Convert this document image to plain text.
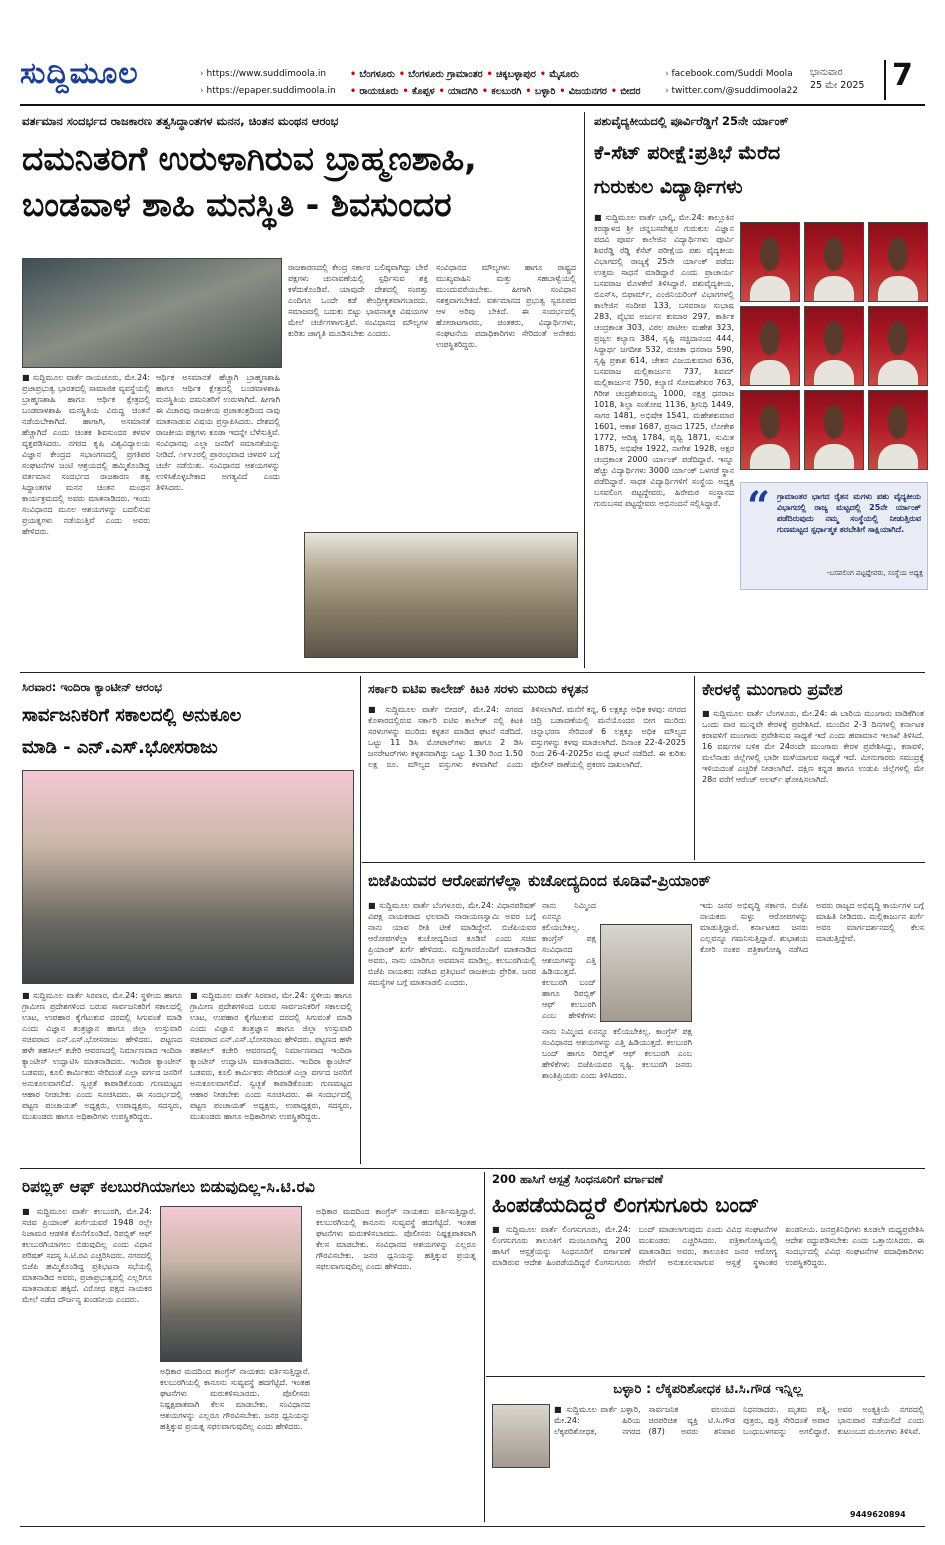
ಸುದ್ದಿಮೂಲ	› https://www.suddimoola.in
› https://epaper.suddimoola.in
• ಬೆಂಗಳೂರು • ಬೆಂಗಳೂರು ಗ್ರಾಮಾಂತರ • ಚಿಕ್ಕಬಳ್ಳಾಪುರ • ಮೈಸೂರು
• ರಾಯಚೂರು • ಕೊಪ್ಪಳ • ಯಾದಗಿರಿ • ಕಲಬುರಗಿ • ಬಳ್ಳಾರಿ • ವಿಜಯನಗರ • ಬೀದರ
› facebook.com/Suddi Moola
› twitter.com/@suddimoola22
ಭಾನುವಾರ
25 ಮೇ 2025 7
ವರ್ತಮಾನ ಸಂದರ್ಭದ ರಾಜಕಾರಣ ತತ್ವಸಿದ್ಧಾಂತಗಳ ಮನನ, ಚಿಂತನ ಮಂಥನ ಆರಂಭ
ದಮನಿತರಿಗೆ ಉರುಳಾಗಿರುವ ಬ್ರಾಹ್ಮಣಶಾಹಿ,
ಬಂಡವಾಳ ಶಾಹಿ ಮನಸ್ಥಿತಿ - ಶಿವಸುಂದರ
■ ಸುದ್ದಿಮೂಲ ವಾರ್ತೆ ರಾಯಚೂರು, ಮೇ.24: ಪ್ರಜಾಪ್ರಭುತ್ವ ಭಾರತದಲ್ಲಿ ಸಾಮಾಜಿಕ ವ್ಯವಸ್ಥೆಯಲ್ಲಿ ಬ್ರಾಹ್ಮಣಶಾಹಿ ಹಾಗೂ ಆರ್ಥಿಕ ಕ್ಷೇತ್ರದಲ್ಲಿ ಬಂಡವಾಳಶಾಹಿ ಮನಸ್ಥಿತಿಯ ವಿರುದ್ಧ ಚಿಂತನೆ ನಡೆಯಬೇಕಾಗಿದೆ. ಹಾಗಾಗಿ, ಅಸಮಾನತೆ ಹೆಚ್ಚಾಗಿದೆ ಎಂದು ಚಿಂತಕ ಶಿವಸುಂದರ ಕಳವಳ ವ್ಯಕ್ತಪಡಿಸಿದರು. ನಗರದ ಕೃಷಿ ವಿಶ್ವವಿದ್ಯಾಲಯ ವಿಜ್ಞಾನ ಕೇಂದ್ರದ ಸಭಾಂಗಣದಲ್ಲಿ ಪ್ರಗತಿಪರ ಸಂಘಟನೆಗಳ ಜಂಟಿ ಆಶ್ರಯದಲ್ಲಿ ಹಮ್ಮಿಕೊಂಡಿದ್ದ ವರ್ತಮಾನ ಸಂದರ್ಭದ ರಾಜಕಾರಣ ತತ್ವ ಸಿದ್ಧಾಂತಗಳ ಮನನ ಚಿಂತನ ಮಂಥನ ಕಾರ್ಯಕ್ರಮದಲ್ಲಿ ಅವರು ಮಾತನಾಡಿದರು. ಇಂದು ಸಂವಿಧಾನದ ಮೂಲ ಆಶಯಗಳನ್ನು ಬದಲಿಸುವ ಪ್ರಯತ್ನಗಳು ನಡೆಯುತ್ತಿವೆ ಎಂದು ಅವರು ಹೇಳಿದರು.
ಆರ್ಥಿಕ ಅಸಮಾನತೆ ಹೆಚ್ಚಾಗಿ ಬ್ರಾಹ್ಮಣಶಾಹಿ ಹಾಗೂ ಆರ್ಥಿಕ ಕ್ಷೇತ್ರದಲ್ಲಿ ಬಂಡವಾಳಶಾಹಿ ಮನಸ್ಥಿತಿಯ ದಮನಿತರಿಗೆ ಉರುಳಾಗಿದೆ. ಹೀಗಾಗಿ ಈ ವಿಚಾರವು ರಾಜಕೀಯ ಪ್ರಜಾತಂತ್ರದಿಂದ ನಾವು ಮಾತನಾಡುವ ವಿಷಯ ಪ್ರಸ್ತಾಪಿಸಿದರು. ದೇಶದಲ್ಲಿ ರಾಜಕೀಯ ಪಕ್ಷಗಳು ಕೂಡಾ ಇದನ್ನೇ ಬೆಳೆಸುತ್ತಿವೆ. ಸಂವಿಧಾನವು ಎಲ್ಲಾ ಜನರಿಗೆ ಸಮಾನತೆಯನ್ನು ನೀಡಿದೆ. ೧೯೪೨ರಲ್ಲಿ ಪ್ರಾರಂಭವಾದ ಚಳವಳಿ ಬಗ್ಗೆ ಚರ್ಚೆ ನಡೆಯಿತು. ಸಂವಿಧಾನದ ಆಶಯಗಳನ್ನು ಉಳಿಸಿಕೊಳ್ಳಬೇಕಾದ ಅಗತ್ಯವಿದೆ ಎಂದು ತಿಳಿಸಿದರು.
ರಾಜಕಾರಣದಲ್ಲಿ ಕೇಂದ್ರ ಸರ್ಕಾರ ಬಲಿಷ್ಠವಾಗಿದ್ದು ಬೇರೆ ಪಕ್ಷಗಳು ಚುನಾವಣೆಯಲ್ಲಿ ಸ್ಪರ್ಧಿಸುವ ಶಕ್ತಿ ಕಳೆದುಕೊಂಡಿವೆ. ಯಾವುದೇ ದೇಶದಲ್ಲಿ ಸಂಪತ್ತು ಎಂದಿಗೂ ಒಂದೇ ಕಡೆ ಕೇಂದ್ರೀಕೃತವಾಗಬಾರದು. ಸಮಾಜದಲ್ಲಿ ಬದುಕು ಬಿಟ್ಟು ಭಾವನಾತ್ಮಕ ವಿಷಯಗಳ ಮೇಲೆ ಚರ್ಚೆಗಳಾಗುತ್ತಿವೆ. ಸಂವಿಧಾನದ ಮೌಲ್ಯಗಳ ಕುರಿತು ಜಾಗೃತಿ ಮೂಡಿಸಬೇಕು ಎಂದರು.
ಸಂವಿಧಾನದ ಮೌಲ್ಯಗಳು ಹಾಗೂ ರಾಷ್ಟ್ರದ ಮುಖ್ಯವಾಹಿನಿ ಮತ್ತು ಸಹಬಾಳ್ವೆಯಲ್ಲಿ ಮುಂದುವರೆಯಬೇಕು. ಹೀಗಾಗಿ ಸಂವಿಧಾನ ಸಶಕ್ತವಾಗಬೇಕಿದೆ. ವರ್ತಮಾನದ ಪ್ರಭುತ್ವ ಸ್ವರೂಪದ ಆಳ ಅರಿವು ಬೇಕಿದೆ. ಈ ಸಂದರ್ಭದಲ್ಲಿ ಹೋರಾಟಗಾರರು, ಚಿಂತಕರು, ವಿದ್ಯಾರ್ಥಿಗಳು, ಸಂಘಟನೆಯ ಪದಾಧಿಕಾರಿಗಳು ಸೇರಿದಂತೆ ಅನೇಕರು ಉಪಸ್ಥಿತರಿದ್ದರು.
ಪಶುವೈದ್ಯಕೀಯದಲ್ಲಿ ಪೂರ್ವಿರೆಡ್ಡಿಗೆ 25ನೇ ರ್ಯಾಂಕ್
ಕೆ-ಸೆಟ್ ಪರೀಕ್ಷೆ:ಪ್ರತಿಭೆ ಮೆರೆದ
ಗುರುಕುಲ ವಿದ್ಯಾರ್ಥಿಗಳು
■ ಸುದ್ದಿಮೂಲ ವಾರ್ತೆ ಭಾಲ್ಕಿ, ಮೇ.24: ತಾಲ್ಲೂಕಿನ ಕರಡ್ಯಾಳದ ಶ್ರೀ ಚನ್ನಬಸವೇಶ್ವರ ಗುರುಕುಲ ವಿಜ್ಞಾನ ಪದವಿ ಪೂರ್ವ ಕಾಲೇಜಿನ ವಿದ್ಯಾರ್ಥಿಗಳು ಪೂರ್ವಿ ಶಿವರೆಡ್ಡಿ ರೆಡ್ಡಿ ಕೆಸೆಟ್ ಪರೀಕ್ಷೆಯ ಪಶು ವೈದ್ಯಕೀಯ ವಿಭಾಗದಲ್ಲಿ ರಾಜ್ಯಕ್ಕೆ 25ನೇ ರ್ಯಾಂಕ್ ಪಡೆದು ಉತ್ತಮ ಸಾಧನೆ ಮಾಡಿದ್ದಾರೆ ಎಂದು ಪ್ರಾಚಾರ್ಯ ಬಸವರಾಜ ಮೊಳಕೇರೆ ತಿಳಿಸಿದ್ದಾರೆ. ಪಶುವೈದ್ಯಕೀಯ, ಬಿಎಸ್‌ಸಿ, ಬಿಫಾರ್ಮ್, ಎಂಜಿನಿಯರಿಂಗ್ ವಿಭಾಗಗಳಲ್ಲಿ ಕಾಲೇಜಿನ ಸಂದೀಪ 133, ಬಸವರಾಜ ಸುಭಾಷ 283, ವೈಭವ ಅರ್ಜುನ ಕುಮಾರ 297, ಕಾರ್ತಿಕ ಚಂದ್ರಕಾಂತ 303, ವಿಠಲ ಪಾಟೀಲ ಮಹೇಶ 323, ಪ್ರಜ್ವಲ ಕಲ್ಯಾಣ 384, ಸೃಷ್ಟಿ ಸಚ್ಚಿದಾನಂದ 444, ಸಿದ್ಧಾರ್ಥ ಜಗದೀಶ 532, ರುಚಿತಾ ಧನರಾಜ 590, ಸೃಷ್ಟಿ ಪ್ರಕಾಶ 614, ಚೇತನ ವಿಜಯಕುಮಾರ 636, ಬಸವರಾಜ ಮಲ್ಲಿಕಾರ್ಜುನ 737, ಶಿವಮ್ ಮಲ್ಲಿಕಾರ್ಜುನ 750, ಕಲ್ಯಾಣಿ ಸೋಮಶೇಖರ 763, ಗಿರೀಶ ಚಂದ್ರಶೇಖರಯ್ಯ 1000, ನಕ್ಷತ್ರ ಧನರಾಜ 1018, ಶಿಲ್ಪಾ ಸಂತೋಷ 1136, ಶ್ರೀನಿಧಿ 1449, ಸಾಗರ 1481, ಅಭಿಷೇಕ 1541, ಮಹೇಶಕುಮಾರ 1601, ಆಕಾಶ 1687, ಪ್ರಸಾದ 1725, ಲೋಕೇಶ 1772, ಆದಿತ್ಯ 1784, ಪೃಥ್ವಿ 1871, ಸುಮಿತ 1875, ಅಭಿಷೇಕ 1922, ನಾಗೇಶ 1928, ಅಕ್ಷರ ಚಂದ್ರಕಾಂತ 2000 ರ್ಯಾಂಕ್ ಪಡೆದಿದ್ದಾರೆ. ಇನ್ನೂ ಹೆಚ್ಚು ವಿದ್ಯಾರ್ಥಿಗಳು 3000 ರ್ಯಾಂಕ್ ಒಳಗಡೆ ಸ್ಥಾನ ಪಡೆದಿದ್ದಾರೆ. ಸಾಧಕ ವಿದ್ಯಾರ್ಥಿಗಳಿಗೆ ಸಂಸ್ಥೆಯ ಅಧ್ಯಕ್ಷ ಬಸವಲಿಂಗ ಪಟ್ಟದ್ದೇವರು, ಹಿರೇಮಠ ಸಂಸ್ಥಾನದ ಗುರುಬಸವ ಪಟ್ಟದ್ದೇವರು ಅಭಿನಂದನೆ ಸಲ್ಲಿಸಿದ್ದಾರೆ. “ ಗ್ರಾಮಾಂತರ ಭಾಗದ ರೈತನ ಮಗಳು ಪಶು ವೈದ್ಯಕೀಯ ವಿಭಾಗದಲ್ಲಿ ರಾಜ್ಯ ಮಟ್ಟದಲ್ಲಿ 25ನೇ ರ್ಯಾಂಕ್ ಪಡೆದಿರುವುದು ನಮ್ಮ ಸಂಸ್ಥೆಯಲ್ಲಿ ನೀಡುತ್ತಿರುವ ಗುಣಮಟ್ಟದ ಸ್ಪರ್ಧಾತ್ಮಕ ತರಬೇತಿಗೆ ಸಾಕ್ಷಿಯಾಗಿದೆ.
-ಬಸವಲಿಂಗ ಪಟ್ಟದ್ದೇವರು, ಸಂಸ್ಥೆಯ ಅಧ್ಯಕ್ಷ
ಸಿರವಾರ: ಇಂದಿರಾ ಕ್ಯಾಂಟೀನ್ ಆರಂಭ
ಸಾರ್ವಜನಿಕರಿಗೆ ಸಕಾಲದಲ್ಲಿ ಅನುಕೂಲ
ಮಾಡಿ - ಎನ್.ಎಸ್.ಭೋಸರಾಜು
■ ಸುದ್ದಿಮೂಲ ವಾರ್ತೆ ಸಿರವಾರ, ಮೇ.24: ಸ್ಥಳೀಯ ಹಾಗೂ ಗ್ರಾಮೀಣ ಪ್ರದೇಶಗಳಿಂದ ಬರುವ ಸಾರ್ವಜನಿಕರಿಗೆ ಸಕಾಲದಲ್ಲಿ ಊಟ, ಉಪಹಾರ ಕೈಗೆಟುಕುವ ದರದಲ್ಲಿ ಸಿಗುವಂತೆ ಮಾಡಿ ಎಂದು ವಿಜ್ಞಾನ ತಂತ್ರಜ್ಞಾನ ಹಾಗೂ ಜಿಲ್ಲಾ ಉಸ್ತುವಾರಿ ಸಚಿವರಾದ ಎನ್.ಎಸ್.ಭೋಸರಾಜು ಹೇಳಿದರು. ಪಟ್ಟಣದ ಹಳೇ ತಹಸೀಲ್ ಕಚೇರಿ ಆವರಣದಲ್ಲಿ ನಿರ್ಮಾಣವಾದ ಇಂದಿರಾ ಕ್ಯಾಂಟೀನ್ ಉದ್ಘಾಟಿಸಿ ಮಾತನಾಡಿದರು. ಇಂದಿರಾ ಕ್ಯಾಂಟೀನ್ ಬಡವರು, ಕೂಲಿ ಕಾರ್ಮಿಕರು ಸೇರಿದಂತೆ ಎಲ್ಲಾ ವರ್ಗದ ಜನರಿಗೆ ಅನುಕೂಲವಾಗಲಿದೆ. ಸ್ವಚ್ಛತೆ ಕಾಪಾಡಿಕೊಂಡು ಗುಣಮಟ್ಟದ ಆಹಾರ ನೀಡಬೇಕು ಎಂದು ಸೂಚಿಸಿದರು. ಈ ಸಂದರ್ಭದಲ್ಲಿ ಪಟ್ಟಣ ಪಂಚಾಯತ್ ಅಧ್ಯಕ್ಷರು, ಉಪಾಧ್ಯಕ್ಷರು, ಸದಸ್ಯರು, ಮುಖಂಡರು ಹಾಗೂ ಅಧಿಕಾರಿಗಳು ಉಪಸ್ಥಿತರಿದ್ದರು.
■ ಸುದ್ದಿಮೂಲ ವಾರ್ತೆ ಸಿರವಾರ, ಮೇ.24: ಸ್ಥಳೀಯ ಹಾಗೂ ಗ್ರಾಮೀಣ ಪ್ರದೇಶಗಳಿಂದ ಬರುವ ಸಾರ್ವಜನಿಕರಿಗೆ ಸಕಾಲದಲ್ಲಿ ಊಟ, ಉಪಹಾರ ಕೈಗೆಟುಕುವ ದರದಲ್ಲಿ ಸಿಗುವಂತೆ ಮಾಡಿ ಎಂದು ವಿಜ್ಞಾನ ತಂತ್ರಜ್ಞಾನ ಹಾಗೂ ಜಿಲ್ಲಾ ಉಸ್ತುವಾರಿ ಸಚಿವರಾದ ಎನ್.ಎಸ್.ಭೋಸರಾಜು ಹೇಳಿದರು. ಪಟ್ಟಣದ ಹಳೇ ತಹಸೀಲ್ ಕಚೇರಿ ಆವರಣದಲ್ಲಿ ನಿರ್ಮಾಣವಾದ ಇಂದಿರಾ ಕ್ಯಾಂಟೀನ್ ಉದ್ಘಾಟಿಸಿ ಮಾತನಾಡಿದರು. ಇಂದಿರಾ ಕ್ಯಾಂಟೀನ್ ಬಡವರು, ಕೂಲಿ ಕಾರ್ಮಿಕರು ಸೇರಿದಂತೆ ಎಲ್ಲಾ ವರ್ಗದ ಜನರಿಗೆ ಅನುಕೂಲವಾಗಲಿದೆ. ಸ್ವಚ್ಛತೆ ಕಾಪಾಡಿಕೊಂಡು ಗುಣಮಟ್ಟದ ಆಹಾರ ನೀಡಬೇಕು ಎಂದು ಸೂಚಿಸಿದರು. ಈ ಸಂದರ್ಭದಲ್ಲಿ ಪಟ್ಟಣ ಪಂಚಾಯತ್ ಅಧ್ಯಕ್ಷರು, ಉಪಾಧ್ಯಕ್ಷರು, ಸದಸ್ಯರು, ಮುಖಂಡರು ಹಾಗೂ ಅಧಿಕಾರಿಗಳು ಉಪಸ್ಥಿತರಿದ್ದರು.
ಸರ್ಕಾರಿ ಐಟಿಐ ಕಾಲೇಜ್ ಕಿಟಕಿ ಸರಳು ಮುರಿದು ಕಳ್ಳತನ
■ ಸುದ್ದಿಮೂಲ ವಾರ್ತೆ ಬೀದರ್, ಮೇ.24: ನಗರದ ಕೊಳಾರದಲ್ಲಿರುವ ಸರ್ಕಾರಿ ಐಟಿಐ ಕಾಲೇಜ್ ನಲ್ಲಿ ಕಿಟಕಿ ಸರಳುಗಳನ್ನು ಮುರಿದು ಕಳ್ಳತನ ಮಾಡಿದ ಘಟನೆ ನಡೆದಿದೆ. ಒಟ್ಟು 11 ಡಿಸಿ ಮೋಟಾರ್‌ಗಳು ಹಾಗೂ 2 ಡಿಸಿ ಜನರೇಟರ್‌ಗಳು ಕಳ್ಳತನವಾಗಿದ್ದು ಒಟ್ಟು 1.30 ರಿಂದ 1.50 ಲಕ್ಷ ರೂ. ಮೌಲ್ಯದ ವಸ್ತುಗಳು ಕಳವಾಗಿವೆ ಎಂದು ತಿಳಿಸಲಾಗಿದೆ. ಮನೆಗೆ ಕನ್ನ, 6 ಲಕ್ಷಕ್ಕೂ ಅಧಿಕ ಕಳವು: ನಗರದ ಚಿದ್ರಿ ಬಡಾವಣೆಯಲ್ಲಿ ಮನೆಯೊಂದರ ಬೀಗ ಮುರಿದು ಚಿನ್ನಾಭರಣ ಸೇರಿದಂತೆ 6 ಲಕ್ಷಕ್ಕೂ ಅಧಿಕ ಮೌಲ್ಯದ ವಸ್ತುಗಳನ್ನು ಕಳವು ಮಾಡಲಾಗಿದೆ. ದಿನಾಂಕ 22-4-2025 ರಿಂದ 26-4-2025ರ ಮಧ್ಯೆ ಘಟನೆ ನಡೆದಿದೆ. ಈ ಕುರಿತು ಪೊಲೀಸ್ ಠಾಣೆಯಲ್ಲಿ ಪ್ರಕರಣ ದಾಖಲಾಗಿದೆ.
ಕೇರಳಕ್ಕೆ ಮುಂಗಾರು ಪ್ರವೇಶ
■ ಸುದ್ದಿಮೂಲ ವಾರ್ತೆ ಬೆಂಗಳೂರು, ಮೇ.24: ಈ ಬಾರಿಯ ಮುಂಗಾರು ವಾಡಿಕೆಗಿಂತ ಒಂದು ವಾರ ಮುನ್ನವೇ ಕೇರಳಕ್ಕೆ ಪ್ರವೇಶಿಸಿದೆ. ಮುಂದಿನ 2-3 ದಿನಗಳಲ್ಲಿ ಕರ್ನಾಟಕ ಕರಾವಳಿಗೆ ಮುಂಗಾರು ಪ್ರವೇಶಿಸುವ ಸಾಧ್ಯತೆ ಇದೆ ಎಂದು ಹವಾಮಾನ ಇಲಾಖೆ ತಿಳಿಸಿದೆ. 16 ವರ್ಷಗಳ ಬಳಿಕ ಮೇ 24ರಂದೇ ಮುಂಗಾರು ಕೇರಳ ಪ್ರವೇಶಿಸಿದ್ದು, ಕರಾವಳಿ, ಮಲೆನಾಡು ಜಿಲ್ಲೆಗಳಲ್ಲಿ ಭಾರೀ ಮಳೆಯಾಗುವ ಸಾಧ್ಯತೆ ಇದೆ. ಮೀನುಗಾರರು ಸಮುದ್ರಕ್ಕೆ ಇಳಿಯದಂತೆ ಎಚ್ಚರಿಕೆ ನೀಡಲಾಗಿದೆ. ದಕ್ಷಿಣ ಕನ್ನಡ ಹಾಗೂ ಉಡುಪಿ ಜಿಲ್ಲೆಗಳಲ್ಲಿ ಮೇ 28ರ ವರೆಗೆ ಆರೆಂಜ್ ಅಲರ್ಟ್ ಘೋಷಿಸಲಾಗಿದೆ.
ಬಿಜೆಪಿಯವರ ಆರೋಪಗಳೆಲ್ಲಾ ಕುಚೋದ್ಯದಿಂದ ಕೂಡಿವೆ-ಪ್ರಿಯಾಂಕ್
■ ಸುದ್ದಿಮೂಲ ವಾರ್ತೆ ಬೆಂಗಳೂರು, ಮೇ.24: ವಿಧಾನಪರಿಷತ್ ವಿಪಕ್ಷ ನಾಯಕರಾದ ಛಲವಾದಿ ನಾರಾಯಣಸ್ವಾಮಿ ಅವರ ಬಗ್ಗೆ ನಾನು ಯಾವ ರೀತಿ ಟೀಕೆ ಮಾಡಿದ್ದೇನೆ. ಬಿಜೆಪಿಯವರ ಆರೋಪಗಳೆಲ್ಲಾ ಕುಚೋದ್ಯದಿಂದ ಕೂಡಿವೆ ಎಂದು ಸಚಿವ ಪ್ರಿಯಾಂಕ್ ಖರ್ಗೆ ಹೇಳಿದರು. ಸುದ್ದಿಗಾರರೊಂದಿಗೆ ಮಾತನಾಡಿದ ಅವರು, ನಾನು ಯಾರಿಗೂ ಅವಮಾನ ಮಾಡಿಲ್ಲ. ಕಲಬುರಗಿಯಲ್ಲಿ ಬಿಜೆಪಿ ನಾಯಕರು ನಡೆಸಿದ ಪ್ರತಿಭಟನೆ ರಾಜಕೀಯ ಪ್ರೇರಿತ. ಜನರ ಸಮಸ್ಯೆಗಳ ಬಗ್ಗೆ ಮಾತನಾಡಲಿ ಎಂದರು.
ನಾನು ನಿಮ್ಮಿಂದ ಏನನ್ನೂ ಕಲಿಯಬೇಕಿಲ್ಲ. ಕಾಂಗ್ರೆಸ್ ಪಕ್ಷ ಸಂವಿಧಾನದ ಆಶಯಗಳನ್ನು ಎತ್ತಿ ಹಿಡಿಯುತ್ತದೆ. ಕಲಬುರಗಿ ಬಂದ್ ಹಾಗೂ ರಿಪಬ್ಲಿಕ್ ಆಫ್ ಕಲಬುರಗಿ ಎಂಬ ಹೇಳಿಕೆಗಳು
ನಾನು ನಿಮ್ಮಿಂದ ಏನನ್ನೂ ಕಲಿಯಬೇಕಿಲ್ಲ. ಕಾಂಗ್ರೆಸ್ ಪಕ್ಷ ಸಂವಿಧಾನದ ಆಶಯಗಳನ್ನು ಎತ್ತಿ ಹಿಡಿಯುತ್ತದೆ. ಕಲಬುರಗಿ ಬಂದ್ ಹಾಗೂ ರಿಪಬ್ಲಿಕ್ ಆಫ್ ಕಲಬುರಗಿ ಎಂಬ ಹೇಳಿಕೆಗಳು ಬಿಜೆಪಿಯವರ ಸೃಷ್ಟಿ. ಕಲಬುರಗಿ ಜನರು ಶಾಂತಿಪ್ರಿಯರು ಎಂದು ತಿಳಿಸಿದರು.
ಇದು ಜನರ ಅಭಿವೃದ್ಧಿ ಸರ್ಕಾರ. ಬಿಜೆಪಿ ನಾಯಕರು ಸುಳ್ಳು ಆರೋಪಗಳನ್ನು ಮಾಡುತ್ತಿದ್ದಾರೆ. ಕರ್ನಾಟಕದ ಜನರು ಎಲ್ಲವನ್ನೂ ಗಮನಿಸುತ್ತಿದ್ದಾರೆ. ಶುಭಾಶಯ ಕೋರಿ ನಂತರ ಪತ್ರಿಕಾಗೋಷ್ಠಿ ನಡೆಸಿದ ಅವರು ರಾಜ್ಯದ ಅಭಿವೃದ್ಧಿ ಕಾರ್ಯಗಳ ಬಗ್ಗೆ ಮಾಹಿತಿ ನೀಡಿದರು. ಮಲ್ಲಿಕಾರ್ಜುನ ಖರ್ಗೆ ಅವರ ಮಾರ್ಗದರ್ಶನದಲ್ಲಿ ಕೆಲಸ ಮಾಡುತ್ತಿದ್ದೇವೆ.
ರಿಪಬ್ಲಿಕ್ ಆಫ್ ಕಲಬುರಗಿಯಾಗಲು ಬಿಡುವುದಿಲ್ಲ-ಸಿ.ಟಿ.ರವಿ
■ ಸುದ್ದಿಮೂಲ ವಾರ್ತೆ ಕಲಬುರಗಿ, ಮೇ.24: ಸಚಿವ ಪ್ರಿಯಾಂಕ್ ಖರ್ಗೆಯವರೆ 1948 ರಲ್ಲೇ ನಿಜಾಮರ ಆಡಳಿತ ಕೊನೆಗೊಂಡಿದೆ. ರಿಪಬ್ಲಿಕ್ ಆಫ್ ಕಲಬುರಗಿಯಾಗಲು ಬಿಡುವುದಿಲ್ಲ ಎಂದು ವಿಧಾನ ಪರಿಷತ್ ಸದಸ್ಯ ಸಿ.ಟಿ.ರವಿ ಎಚ್ಚರಿಸಿದರು. ನಗರದಲ್ಲಿ ಬಿಜೆಪಿ ಹಮ್ಮಿಕೊಂಡಿದ್ದ ಪ್ರತಿಭಟನಾ ಸಭೆಯಲ್ಲಿ ಮಾತನಾಡಿದ ಅವರು, ಪ್ರಜಾಪ್ರಭುತ್ವದಲ್ಲಿ ಎಲ್ಲರಿಗೂ ಮಾತನಾಡುವ ಹಕ್ಕಿದೆ. ವಿರೋಧ ಪಕ್ಷದ ನಾಯಕರ ಮೇಲೆ ನಡೆದ ದೌರ್ಜನ್ಯ ಖಂಡನೀಯ ಎಂದರು.
ಅಧಿಕಾರ ಮದದಿಂದ ಕಾಂಗ್ರೆಸ್ ನಾಯಕರು ವರ್ತಿಸುತ್ತಿದ್ದಾರೆ. ಕಲಬುರಗಿಯಲ್ಲಿ ಕಾನೂನು ಸುವ್ಯವಸ್ಥೆ ಹದಗೆಟ್ಟಿದೆ. ಇಂತಹ ಘಟನೆಗಳು ಮರುಕಳಿಸಬಾರದು. ಪೊಲೀಸರು ನಿಷ್ಪಕ್ಷಪಾತವಾಗಿ ಕೆಲಸ ಮಾಡಬೇಕು. ಸಂವಿಧಾನದ ಆಶಯಗಳನ್ನು ಎಲ್ಲರೂ ಗೌರವಿಸಬೇಕು. ಜನರ ಧ್ವನಿಯನ್ನು ಹತ್ತಿಕ್ಕುವ ಪ್ರಯತ್ನ ಸಫಲವಾಗುವುದಿಲ್ಲ ಎಂದು ಹೇಳಿದರು.
ಅಧಿಕಾರ ಮದದಿಂದ ಕಾಂಗ್ರೆಸ್ ನಾಯಕರು ವರ್ತಿಸುತ್ತಿದ್ದಾರೆ. ಕಲಬುರಗಿಯಲ್ಲಿ ಕಾನೂನು ಸುವ್ಯವಸ್ಥೆ ಹದಗೆಟ್ಟಿದೆ. ಇಂತಹ ಘಟನೆಗಳು ಮರುಕಳಿಸಬಾರದು. ಪೊಲೀಸರು ನಿಷ್ಪಕ್ಷಪಾತವಾಗಿ ಕೆಲಸ ಮಾಡಬೇಕು. ಸಂವಿಧಾನದ ಆಶಯಗಳನ್ನು ಎಲ್ಲರೂ ಗೌರವಿಸಬೇಕು. ಜನರ ಧ್ವನಿಯನ್ನು ಹತ್ತಿಕ್ಕುವ ಪ್ರಯತ್ನ ಸಫಲವಾಗುವುದಿಲ್ಲ ಎಂದು ಹೇಳಿದರು.
200 ಹಾಸಿಗೆ ಆಸ್ಪತ್ರೆ ಸಿಂಧನೂರಿಗೆ ವರ್ಗಾವಣೆ
ಹಿಂಪಡೆಯದಿದ್ದರೆ ಲಿಂಗಸುಗೂರು ಬಂದ್
■ ಸುದ್ದಿಮೂಲ ವಾರ್ತೆ ಲಿಂಗಸುಗೂರು, ಮೇ.24: ಲಿಂಗಸುಗೂರು ತಾಲೂಕಿಗೆ ಮಂಜೂರಾಗಿದ್ದ 200 ಹಾಸಿಗೆ ಆಸ್ಪತ್ರೆಯನ್ನು ಸಿಂಧನೂರಿಗೆ ವರ್ಗಾವಣೆ ಮಾಡಿರುವ ಆದೇಶ ಹಿಂಪಡೆಯದಿದ್ದರೆ ಲಿಂಗಸುಗೂರು ಬಂದ್ ಮಾಡಲಾಗುವುದು ಎಂದು ವಿವಿಧ ಸಂಘಟನೆಗಳ ಮುಖಂಡರು ಎಚ್ಚರಿಸಿದರು. ಪತ್ರಿಕಾಗೋಷ್ಠಿಯಲ್ಲಿ ಮಾತನಾಡಿದ ಅವರು, ತಾಲೂಕಿನ ಜನರ ಆರೋಗ್ಯ ಸೇವೆಗೆ ಅನುಕೂಲವಾಗುವ ಆಸ್ಪತ್ರೆ ಸ್ಥಳಾಂತರ ಖಂಡನೀಯ. ಜನಪ್ರತಿನಿಧಿಗಳು ಕೂಡಲೇ ಮಧ್ಯಪ್ರವೇಶಿಸಿ ಆದೇಶ ರದ್ದುಪಡಿಸಬೇಕು ಎಂದು ಒತ್ತಾಯಿಸಿದರು. ಈ ಸಂದರ್ಭದಲ್ಲಿ ವಿವಿಧ ಸಂಘಟನೆಗಳ ಪದಾಧಿಕಾರಿಗಳು ಉಪಸ್ಥಿತರಿದ್ದರು.
ಬಳ್ಳಾರಿ : ಲೆಕ್ಕಪರಿಶೋಧಕ ಟಿ.ಸಿ.ಗೌಡ ಇನ್ನಿಲ್ಲ
■ ಸುದ್ದಿಮೂಲ ವಾರ್ತೆ ಬಳ್ಳಾರಿ, ಮೇ.24: ಹಿರಿಯ ಲೆಕ್ಕಪರಿಶೋಧಕ, ನಗರದ ಸಾರ್ವಜನಿಕ ವಲಯದ ಚಿರಪರಿಚಿತ ವ್ಯಕ್ತಿ ಟಿ.ಸಿ.ಗೌಡ (87) ಅವರು ಶನಿವಾರ ನಿಧನರಾದರು. ಮೃತರು ಪತ್ನಿ, ಪುತ್ರರು, ಪುತ್ರಿ ಸೇರಿದಂತೆ ಅಪಾರ ಬಂಧುಬಳಗವನ್ನು ಅಗಲಿದ್ದಾರೆ. ಅವರ ಅಂತ್ಯಕ್ರಿಯೆ ನಗರದಲ್ಲಿ ಭಾನುವಾರ ನಡೆಯಲಿದೆ ಎಂದು ಕುಟುಂಬದ ಮೂಲಗಳು ತಿಳಿಸಿವೆ.
9449620894
